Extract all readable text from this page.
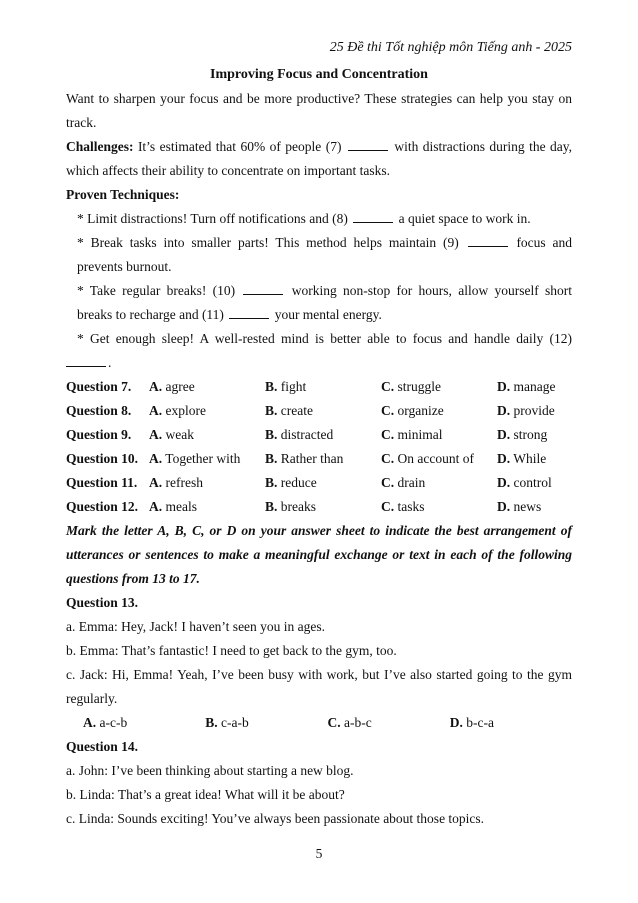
25 Đề thi Tốt nghiệp môn Tiếng anh - 2025
Improving Focus and Concentration
Want to sharpen your focus and be more productive? These strategies can help you stay on track.
Challenges: It’s estimated that 60% of people (7)	with distractions during the day, which affects their ability to concentrate on important tasks.
Proven Techniques:
* Limit distractions! Turn off notifications and (8)	a quiet space to work in.
* Break tasks into smaller parts! This method helps maintain (9)	focus and prevents burnout.
* Take regular breaks! (10)	working non-stop for hours, allow yourself short breaks to recharge and (11)	your mental energy.
* Get enough sleep! A well-rested mind is better able to focus and handle daily (12)
.
Question 7.	A. agree	B. fight	C. struggle	D. manage
Question 8.	A. explore	B. create	C. organize	D. provide
Question 9.	A. weak	B. distracted	C. minimal	D. strong
Question 10. A. Together with	B. Rather than	C. On account of	D. While
Question 11. A. refresh	B. reduce	C. drain	D. control
Question 12. A. meals	B. breaks	C. tasks	D. news
Mark the letter A, B, C, or D on your answer sheet to indicate the best arrangement of utterances or sentences to make a meaningful exchange or text in each of the following questions from 13 to 17.
Question 13.
a. Emma: Hey, Jack! I haven’t seen you in ages.
b. Emma: That’s fantastic! I need to get back to the gym, too.
c. Jack: Hi, Emma! Yeah, I’ve been busy with work, but I’ve also started going to the gym regularly.
A. a-c-b	B. c-a-b	C. a-b-c	D. b-c-a
Question 14.
a. John: I’ve been thinking about starting a new blog.
b. Linda: That’s a great idea! What will it be about?
c. Linda: Sounds exciting! You’ve always been passionate about those topics.
5
